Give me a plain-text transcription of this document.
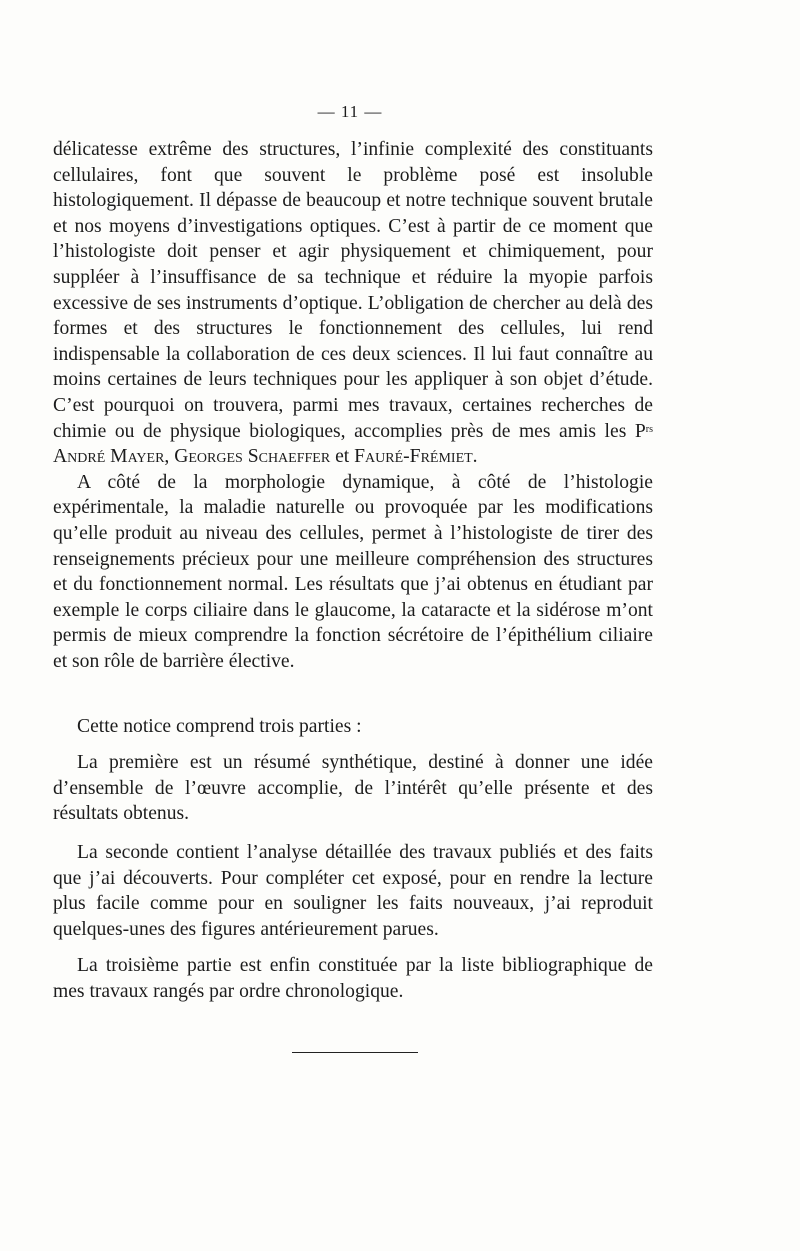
— 11 —

délicatesse extrême des structures, l’infinie complexité des constituants cellulaires, font que souvent le problème posé est insoluble histologiquement. Il dépasse de beaucoup et notre technique souvent brutale et nos moyens d’investigations optiques. C’est à partir de ce moment que l’histologiste doit penser et agir physiquement et chimiquement, pour suppléer à l’insuffisance de sa technique et réduire la myopie parfois excessive de ses instruments d’optique. L’obligation de chercher au delà des formes et des structures le fonctionnement des cellules, lui rend indispensable la collaboration de ces deux sciences. Il lui faut connaître au moins certaines de leurs techniques pour les appliquer à son objet d’étude. C’est pourquoi on trouvera, parmi mes travaux, certaines recherches de chimie ou de physique biologiques, accomplies près de mes amis les $P^{rs}$ André Mayer, Georges Schaeffer et Fauré-Frémiet.

A côté de la morphologie dynamique, à côté de l’histologie expérimentale, la maladie naturelle ou provoquée par les modifications qu’elle produit au niveau des cellules, permet à l’histologiste de tirer des renseignements précieux pour une meilleure compréhension des structures et du fonctionnement normal. Les résultats que j’ai obtenus en étudiant par exemple le corps ciliaire dans le glaucome, la cataracte et la sidérose m’ont permis de mieux comprendre la fonction sécrétoire de l’épithélium ciliaire et son rôle de barrière élective.

Cette notice comprend trois parties :

La première est un résumé synthétique, destiné à donner une idée d’ensemble de l’œuvre accomplie, de l’intérêt qu’elle présente et des résultats obtenus.

La seconde contient l’analyse détaillée des travaux publiés et des faits que j’ai découverts. Pour compléter cet exposé, pour en rendre la lecture plus facile comme pour en souligner les faits nouveaux, j’ai reproduit quelques-unes des figures antérieurement parues.

La troisième partie est enfin constituée par la liste bibliographique de mes travaux rangés par ordre chronologique.
